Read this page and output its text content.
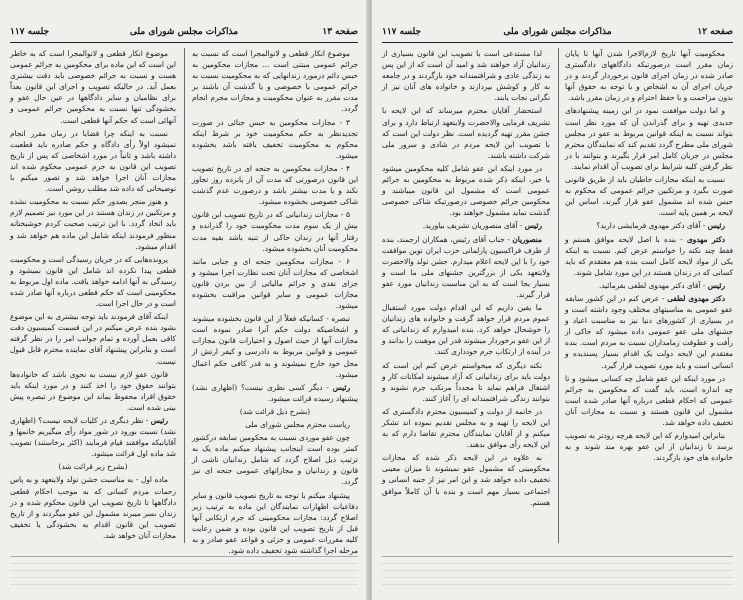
صفحه ۱۳
مذاکرات مجلس شورای ملی
جلسه ۱۱۷

موضوع انکار قطعی و لاتوالمجرا است که نسبت به جرائم عمومی مبتنی است ... مجازات محکومین به حبس دائم درمورد زندانهایی که به محکومیت نسبت به جرائم عمومی یا خصوصی و یا گذشت آن باشند بر مدت مقرر به عنوان محکومیت و مجازات مجرم انجام گردد.

۳ - مجازات محکومین به حبس جنائی در صورت تجدیدنظر به حکم محکومیت خود بر شرط اینکه محکوم به محکومیت تخفیف یافته باشد بخشوده میشود.

۴ - مجازات محکومین به جنحه ای در تاریخ تصویب این قانون درصورتی که مدت آن از پانزده روز تجاوز نکند و یا مدت بیشتر باشد و درصورت عدم گذشت شاکی خصوصی بخشوده میشود.

۵ - مجازات زندانیانی که در تاریخ تصویب این قانون بیش از یک سوم مدت محکومیت خود را گذرانده و رفتار آنها در زندان حاکی از تنبه باشد بقیه مدت محکومیت آنان بخشوده میشود.

۶ - مجازات محکومین جنحه ای و جنایی مانند اشخاصی که مجازات آنان تحت نظارت اجرا میشود و جزای نقدی و جرائم مالیاتی از بین بردن قانون مجازات عمومی و سایر قوانین مراقبت بخشوده میشود.

تبصره - کسانیکه فعلاً از این قانون بخشوده میشوند و اشخاصیکه دولت حکم آنرا صادر نموده است مجازات آنها از حیث اصول و اختیارات قانون مجازات عمومی و قوانین مربوط به دادرسی و کیفر ارتش از محل خود خارج نمیشوند و به قدر کافی حکم اعمال میشود.

رئیس - دیگر کسی نظری نیست؟ (اظهاری نشد) پیشنهاد رسیده قرائت میشود.

(بشرح ذیل قرائت شد)

ریاست محترم مجلس شورای ملی

چون عفو موردی نسبت به محکومین سابقه درکشور کمتر بوده است اینجانب پیشنهاد میکنم ماده یک به ترتیب ذیل اصلاح گردد که شامل زندانیان ناشی از قانون و زندانیان و مجازاتهای عمومی جنحه ای نیز گردد.

پیشنهاد میکنم با توجه به تاریخ تصویب قانون و سایر دفاعیات اظهارات نمایندگان این ماده به ترتیب زیر اصلاح گردد: مجازات محکومینی که جرم ارتکابی آنها قبل از تاریخ تصویب این قانون بوده و ضمن رعایت کلیه مقررات عمومی و جزئی و قواعد عفو صادر و به مرحله اجرا گذاشته شود تخفیف داده شود.

موضوع انکار قطعی و لاتوالمجرا است که به خاطر این است که این ماده برای محکومین به جرائم عمومی هست و نسبت به جرائم خصوصی باید دقت بیشتری بعمل آید. در حالیکه تصویب و اجرای این قانون بعداً برای نظامیان و سایر دادگاهها در عین حال عفو و بخشودگی تنها نسبت به محکومین جرائم عمومی و آنهائی است که حکم آنها قطعی است.

نسبت به اینکه چرا قضایا در زمان مقرر انجام نمیشود اولاً رأی دادگاه و حکم صادره باید قطعیت داشته باشد و ثانیاً در مورد اشخاصی که پس از تاریخ تصویب این قانون به جرم عمومی محکوم شده اند مجازات آنان اجرا خواهد شد و تصور میکنم با توضیحاتی که داده شد مطلب روشن است.

و هنوز منجر بصدور حکم نسبت به محکومیت نشده و مرتکبین در زندان هستند در این مورد نیز تصمیم لازم باید اتخاذ گردد. با این ترتیب صحبت کردم خوشبختانه منظور فرمودند اینکه شامل این ماده هم خواهد شد و اقدام میشود.

پرونده‌هایی که در جریان رسیدگی است و محکومیت قطعی پیدا نکرده اند شامل این قانون نمیشود و رسیدگی به آنها ادامه خواهد یافت. ماده اول مربوط به محکومینی است که حکم قطعی درباره آنها صادر شده است و در حال اجرا است.

اینکه آقای فرمودند باید توجه بیشتری به این موضوع بشود بنده عرض میکنم در این قسمت کمیسیون دقت کافی بعمل آورده و تمام جوانب امر را در نظر گرفته است و بنابراین پیشنهاد آقای نماینده محترم قابل قبول نیست.

قانون عفو لازم نیست به نحوی باشد که خانواده‌ها بتوانند حقوق خود را اخذ کنند و در مورد اینکه باید حقوق افراد محفوظ بماند این موضوع در تبصره پیش بینی شده است.

رئیس - نظر دیگری در کلیات لایحه نیست؟ (اظهاری نشد) نسبت بورود در شور مواد رأی میگیریم خانمها و آقایانیکه موافقند قیام فرمایند (اکثر برخاستند) تصویب شد ماده اول قرائت میشود.

(بشرح زیر قرائت شد)

ماده اول - به مناسبت جشن تولد ولایتعهد و به پاس زحمات مردم کسانی که به موجب احکام قطعی دادگاهها تا تاریخ تصویب این قانون محکوم شده و در زندان بسر میبرند مشمول این عفو میگردند و از تاریخ تصویب این قانون اقدام به بخشودگی یا تخفیف مجازات آنان خواهد شد.

صفحه ۱۲
مذاکرات مجلس شورای ملی
جلسه ۱۱۷

محکومیت آنها تاریخ لازم‌الاجرا شدن آنها تا پایان زمان مقرر است درصورتیکه دادگاههای دادگستری صادر شده در زمان اجرای قانون برخوردار گردند و در جریان اجرای آن به اشخاص و با توجه به حقوق آنها بدون مزاحمت و با حفظ احترام و در زمان مقرر باشد.

و اما دولت موافقت نمود در این زمینه پیشنهادهای جدیدی تهیه و برای گذراندن آن که مورد نظر است بتواند نسبت به اینکه قوانین مربوط به عفو در مجلس شورای ملی مطرح گردد تقدیم کند که نمایندگان محترم مجلس در جریان کامل امر قرار بگیرند و بتوانند با در نظر گرفتن کلیه شرایط برای تصویب آن اقدام نمایند.

نسبت به اینکه مجازات خاطیان باید از طریق قانونی صورت بگیرد و مرتکبین جرائم عمومی که محکوم به حبس شده اند مشمول عفو قرار گیرند، اساس این لایحه بر همین پایه است.

رئیس - آقای دکتر مهدوی فرمایشی دارید؟

دکتر مهدوی - بنده با اصل لایحه موافق هستم و فقط چند نکته را خواستم عرض کنم. نسبت به اینکه یکی از مواد لایحه کامل است بنده هم معتقدم که باید کسانی که در زندان هستند در این مورد شامل شوند.

رئیس - آقای دکتر مهدوی لطفی بفرمائید.

دکتر مهدوی لطفی - عرض کنم در این کشور سابقه عفو عمومی به مناسبتهای مختلف وجود داشته است و در بسیاری از کشورهای دنیا نیز به مناسبت اعیاد و جشنهای ملی عفو عمومی داده میشود که حاکی از رأفت و عطوفت زمامداران نسبت به مردم است. بنده معتقدم این لایحه دولت یک اقدام بسیار پسندیده و انسانی است و باید مورد تصویب قرار گیرد.

در مورد اینکه این عفو شامل چه کسانی میشود و تا چه اندازه است، باید گفت که محکومین به جرائم عمومی که احکام قطعی درباره آنها صادر شده است مشمول این قانون هستند و نسبت به مجازات آنان تخفیف داده خواهد شد.

بنابراین امیدوارم که این لایحه هرچه زودتر به تصویب برسد تا زندانیان از این عفو بهره مند شوند و به خانواده های خود بازگردند.

لذا مستدعی است با تصویب این قانون بسیاری از زندانیان آزاد خواهند شد و امید آن است که از این پس به زندگی عادی و شرافتمندانه خود بازگردند و در جامعه به کار و کوشش بپردازند و خانواده های آنان نیز از نگرانی نجات یابند.

استحضار آقایان محترم میرساند که این لایحه با تشریف فرمایی والاحضرت ولایتعهد ارتباط دارد و برای جشن مقرر تهیه گردیده است. نظر دولت این است که با تصویب این لایحه مردم در شادی و سرور ملی شرکت داشته باشند.

در مورد اینکه این عفو شامل کلیه محکومین میشود یا خیر، اینکه ذکر شده مربوط به محکومین به جرائم عمومی است که مشمول این قانون میباشند و محکومین جرائم خصوصی درصورتیکه شاکی خصوصی گذشت نماید مشمول خواهند بود.

رئیس - آقای منصوریان تشریف بیاورید.

منصوریان - جناب آقای رئیس، همکاران ارجمند، بنده از طرف فراکسیون پارلمانی حزب ایران نوین موافقت خود را با این لایحه اعلام میدارم. جشن تولد والاحضرت ولایتعهد یکی از بزرگترین جشنهای ملی ما است و بسیار بجا است که به این مناسبت زندانیان مورد عفو قرار گیرند.

ما یقین داریم که این اقدام دولت مورد استقبال عموم مردم قرار خواهد گرفت و خانواده های زندانیان را خوشحال خواهد کرد. بنده امیدوارم که زندانیانی که از این عفو برخوردار میشوند قدر این موهبت را بدانند و در آینده از ارتکاب جرم خودداری کنند.

نکته دیگری که میخواستم عرض کنم این است که دولت باید برای زندانیانی که آزاد میشوند امکانات کار و اشتغال فراهم نماید تا مجدداً مرتکب جرم نشوند و بتوانند زندگی شرافتمندانه ای را آغاز کنند.

در خاتمه از دولت و کمیسیون محترم دادگستری که این لایحه را تهیه و به مجلس تقدیم نموده اند تشکر میکنم و از آقایان نمایندگان محترم تقاضا دارم که به این لایحه رأی موافق بدهند.

به علاوه در این لایحه ذکر شده که مجازات محکومینی که مشمول عفو نمیشوند تا میزان معینی تخفیف داده خواهد شد و این امر نیز از جنبه انسانی و اجتماعی بسیار مهم است و بنده با آن کاملاً موافق هستم.
